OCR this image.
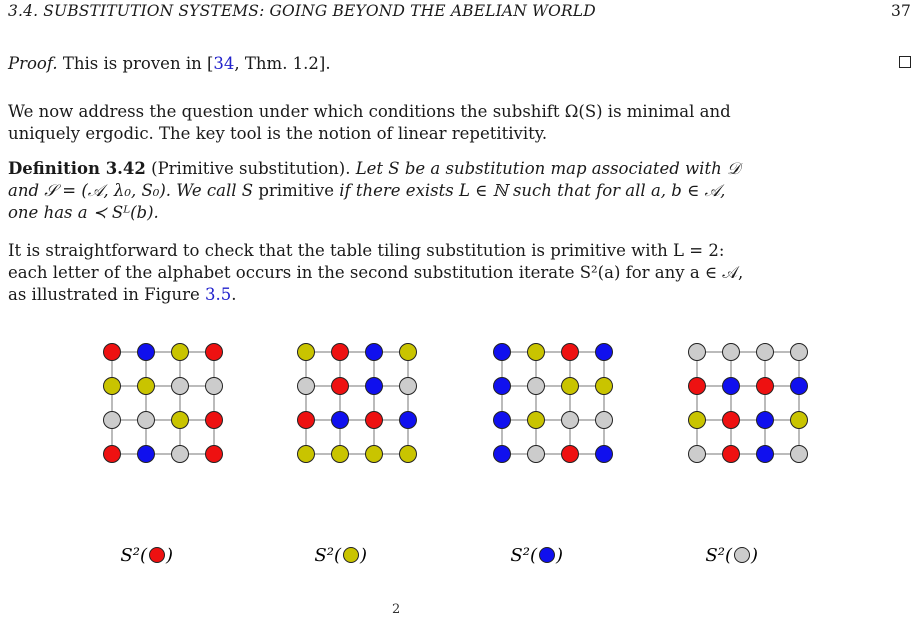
3.4. SUBSTITUTION SYSTEMS: GOING BEYOND THE ABELIAN WORLD	37

Proof. This is proven in [34, Thm. 1.2].

We now address the question under which conditions the subshift Ω(S) is minimal and
uniquely ergodic. The key tool is the notion of linear repetitivity.

Definition 3.42 (Primitive substitution). Let S be a substitution map associated with 𝒟
and 𝒮 = (𝒜, λ₀, S₀). We call S primitive if there exists L ∈ ℕ such that for all a, b ∈ 𝒜,
one has a ≺ Sᴸ(b).

It is straightforward to check that the table tiling substitution is primitive with L = 2:
each letter of the alphabet occurs in the second substitution iterate S²(a) for any a ∈ 𝒜,
as illustrated in Figure 3.5.

S²( )	S²( )	S²( )	S²( )
2
